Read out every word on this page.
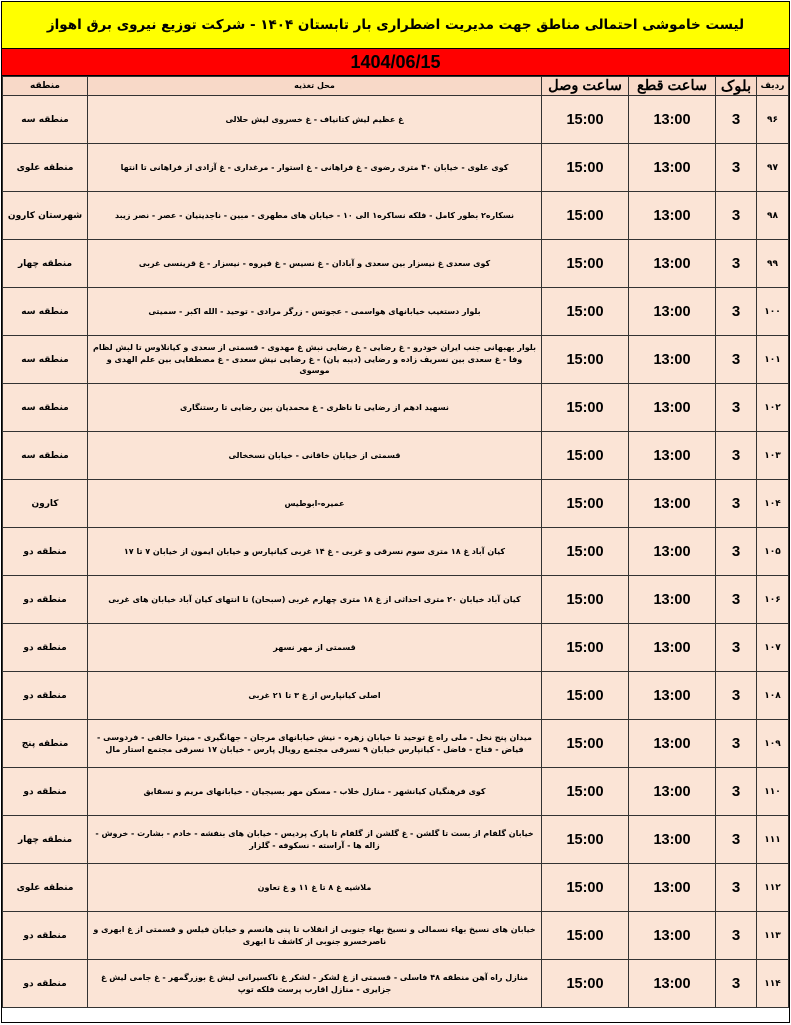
لیست خاموشی احتمالی مناطق جهت مدیریت اضطراری بار تابستان ۱۴۰۴ - شرکت توزیع نیروی برق اهواز
1404/06/15
ردیف	بلوک	ساعت قطع	ساعت وصل	محل تغذیه	منطقه
۹۶	3	13:00	15:00	غ عظیم لیش کتانیاف - غ خسروی لیش حلالی	منطقه سه
۹۷	3	13:00	15:00	کوی علوی - خیابان ۴۰ متری رضوی - غ فراهانی - غ استوار - مرغداری - غ آزادی از فراهانی تا انتها	منطقه علوی
۹۸	3	13:00	15:00	نسکاره۲ بطور کامل - فلکه نساکره۱ الی ۱۰ - خیابان های مطهری - مبین - ناجدینیان - عصر - نصر زیبد	شهرستان کارون
۹۹	3	13:00	15:00	کوی سعدی غ نیسزار بین سعدی و آبادان - غ نسیس - غ فیروه - نیسزار - غ قرینسی غربی	منطقه چهار
۱۰۰	3	13:00	15:00	بلوار دستغیب خیابانهای هواسمی - عجوتس - زرگر مرادی - توحید - الله اکبر - سمیتی	منطقه سه
۱۰۱	3	13:00	15:00	بلوار بهبهانی جنب ایران خودرو - غ رضایی - غ رضایی نبش غ مهدوی - قسمتی از سعدی و کیانلاوس تا لبش لظام وفا - غ سعدی بین نسریف زاده و رضایی (دیبه یان) - غ رضایی نیش سعدی - غ مصطفایی بین علم الهدی و موسوی	منطقه سه
۱۰۲	3	13:00	15:00	نسهید ادهم از رضایی تا ناظری - غ محمدیان بین رضایی تا رستنگاری	منطقه سه
۱۰۳	3	13:00	15:00	قسمتی از خیابان خاقانی - خیابان نسخخالی	منطقه سه
۱۰۴	3	13:00	15:00	عمیره-ابوطیس	کارون
۱۰۵	3	13:00	15:00	کیان آباد غ ۱۸ متری سوم نسرقی و غربی - غ ۱۴ غربی کیانپارس و خیابان ایمون از خیابان ۷ تا ۱۷	منطقه دو
۱۰۶	3	13:00	15:00	کیان آباد خیابان ۲۰ متری احداثی از غ ۱۸ متری چهارم غربی (سبحان) تا انتهای کیان آباد خیابان های غربی	منطقه دو
۱۰۷	3	13:00	15:00	قسمتی از مهر نسهر	منطقه دو
۱۰۸	3	13:00	15:00	اصلی کیانپارس از غ ۳ تا ۲۱ غربی	منطقه دو
۱۰۹	3	13:00	15:00	میدان پنج نخل - ملی راه غ توحید تا خیابان زهره - نیش خیابانهای مرجان - جهانگیری - میترا خالقی - فردوسی - فیاض - فتاح - فاضل - کیانپارس خیابان ۹ نسرقی مجتمع رویال پارس - خیابان ۱۷ نسرقی مجتمع استار مال	منطقه پنج
۱۱۰	3	13:00	15:00	کوی فرهنگیان کیانشهر - منازل خلاب - مسکن مهر بسیجیان - خیابانهای مریم و نسقایق	منطقه دو
۱۱۱	3	13:00	15:00	خیابان گلفام از بست تا گلشن - غ گلشن از گلفام تا پارک پردیس - خیابان های بنفشه - خادم - بشارت - خروش - زاله ها - آراسته - نسکوفه - گلزار	منطقه چهار
۱۱۲	3	13:00	15:00	ملاشیه غ ۸ تا غ ۱۱ و غ تعاون	منطقه علوی
۱۱۳	3	13:00	15:00	خیابان های نسیخ بهاء نسمالی و نسیخ بهاء جنوبی از انقلاب تا پنی هانسم و خیابان فیلس و قسمتی از غ ابهری و ناصرخسرو جنوبی از کاشف تا ابهری	منطقه دو
۱۱۴	3	13:00	15:00	منازل راه آهن منطقه ۴۸ فاسلی - قسمتی از غ لشکر - لشکر غ ناکسیرانی لیش غ بوزرگمهر - غ جامی لیش غ جزایری - منازل اقارب پرست فلکه توپ	منطقه دو
